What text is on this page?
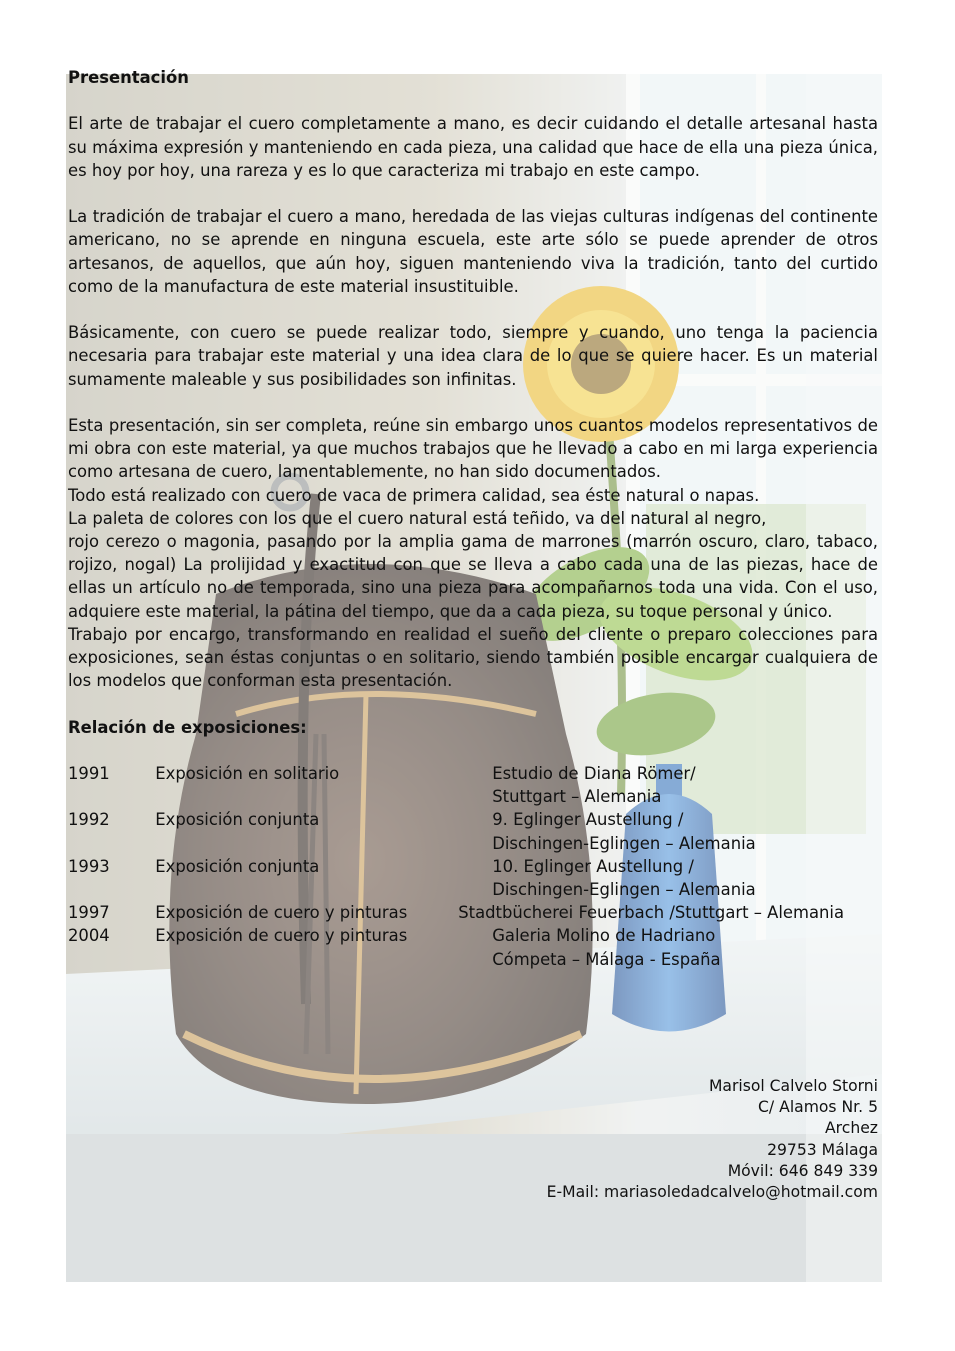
Presentación

El arte de trabajar el cuero completamente a mano, es decir cuidando el detalle artesanal hasta su máxima expresión y manteniendo en cada pieza, una calidad que hace de ella una pieza única, es hoy por hoy, una rareza y es lo que caracteriza mi trabajo en este campo.

La tradición de trabajar el cuero a mano, heredada de las viejas culturas indígenas del continente americano, no se aprende en ninguna escuela, este arte sólo se puede aprender de otros artesanos, de aquellos, que aún hoy, siguen manteniendo viva la tradición, tanto del curtido como de la manufactura de este material insustituible.

Básicamente, con cuero se puede realizar todo, siempre y cuando, uno tenga la paciencia necesaria para trabajar este material y una idea clara de lo que se quiere hacer. Es un material sumamente maleable y sus posibilidades son infinitas.

Esta presentación, sin ser completa, reúne sin embargo unos cuantos modelos representativos de mi obra con este material, ya que muchos trabajos que he llevado a cabo en mi larga experiencia como artesana de cuero, lamentablemente, no han sido documentados.

Todo está realizado con cuero de vaca de primera calidad, sea éste natural o napas.

La paleta de colores con los que el cuero natural está teñido, va del natural al negro,

rojo cerezo o magonia, pasando por la amplia gama de marrones (marrón oscuro, claro, tabaco, rojizo, nogal) La prolijidad y exactitud con que se lleva a cabo cada una de las piezas, hace de ellas un artículo no de temporada, sino una pieza para acompañarnos toda una vida. Con el uso, adquiere este material, la pátina del tiempo, que da a cada pieza, su toque personal y único.

Trabajo por encargo, transformando en realidad el sueño del cliente o preparo colecciones para exposiciones, sean éstas conjuntas o en solitario, siendo también posible encargar cualquiera de los modelos que conforman esta presentación.

Relación de exposiciones:
1991	Exposición en solitario	Estudio de Diana Römer/
Stuttgart – Alemania

1992	Exposición conjunta	9. Eglinger Austellung /
Dischingen-Eglingen – Alemania

1993	Exposición conjunta	10. Eglinger Austellung /
Dischingen-Eglingen – Alemania

1997	Exposición de cuero y pinturas	Stadtbücherei Feuerbach /Stuttgart – Alemania

2004	Exposición de cuero y pinturas	Galeria Molino de Hadriano
Cómpeta – Málaga - España
Marisol Calvelo Storni
C/ Alamos Nr. 5
Archez
29753 Málaga
Móvil: 646 849 339
E-Mail: mariasoledadcalvelo@hotmail.com
